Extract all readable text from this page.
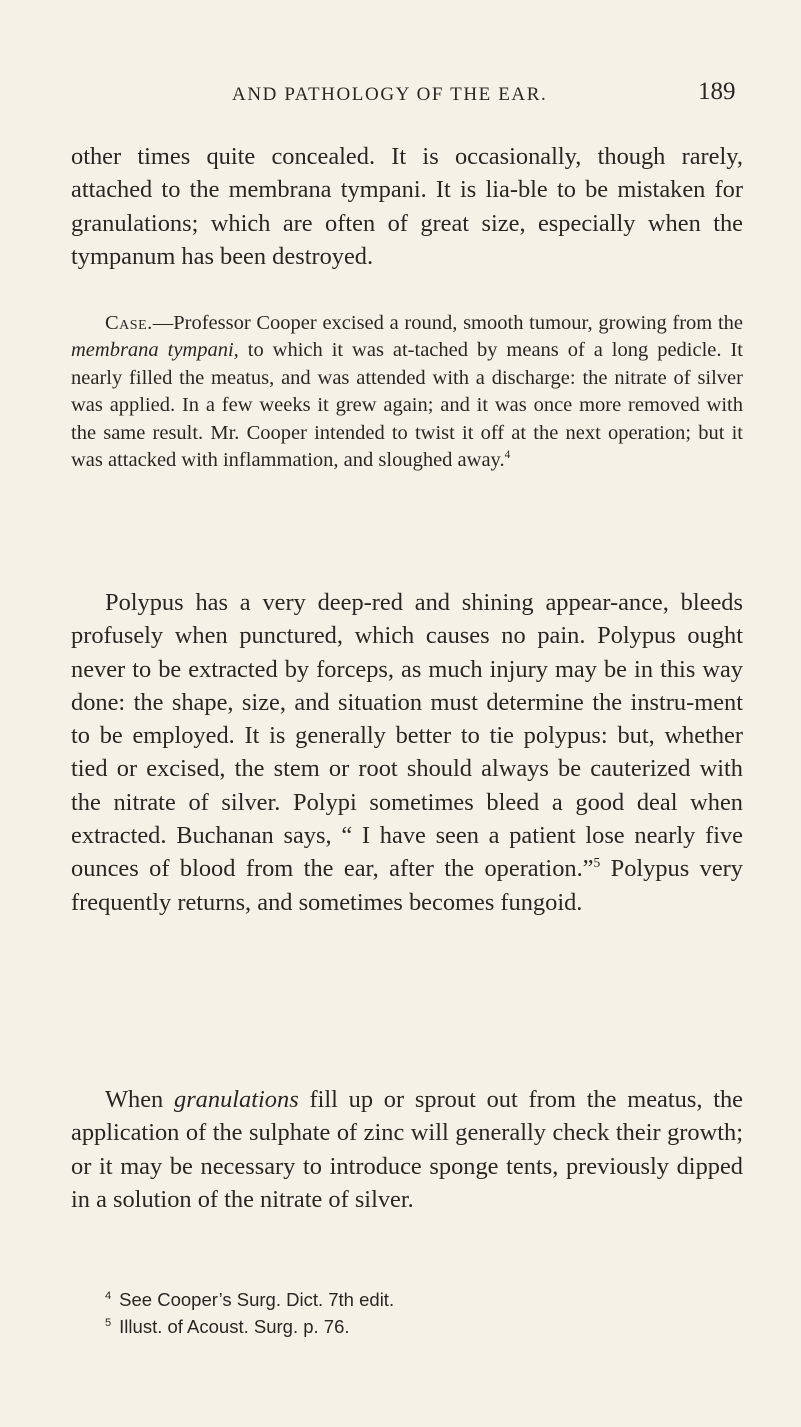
AND PATHOLOGY OF THE EAR.	189

other times quite concealed. It is occasionally, though rarely, attached to the membrana tympani. It is lia-ble to be mistaken for granulations; which are often of great size, especially when the tympanum has been destroyed.

Case.—Professor Cooper excised a round, smooth tumour, growing from the membrana tympani, to which it was at-tached by means of a long pedicle. It nearly filled the meatus, and was attended with a discharge: the nitrate of silver was applied. In a few weeks it grew again; and it was once more removed with the same result. Mr. Cooper intended to twist it off at the next operation; but it was attacked with inflammation, and sloughed away.$^4$

Polypus has a very deep-red and shining appear-ance, bleeds profusely when punctured, which causes no pain. Polypus ought never to be extracted by forceps, as much injury may be in this way done: the shape, size, and situation must determine the instru-ment to be employed. It is generally better to tie polypus: but, whether tied or excised, the stem or root should always be cauterized with the nitrate of silver. Polypi sometimes bleed a good deal when extracted. Buchanan says, “ I have seen a patient lose nearly five ounces of blood from the ear, after the operation.”$^5$ Polypus very frequently returns, and sometimes becomes fungoid.

When granulations fill up or sprout out from the meatus, the application of the sulphate of zinc will generally check their growth; or it may be necessary to introduce sponge tents, previously dipped in a solution of the nitrate of silver.

$^4$ See Cooper’s Surg. Dict. 7th edit.
$^5$ Illust. of Acoust. Surg. p. 76.
